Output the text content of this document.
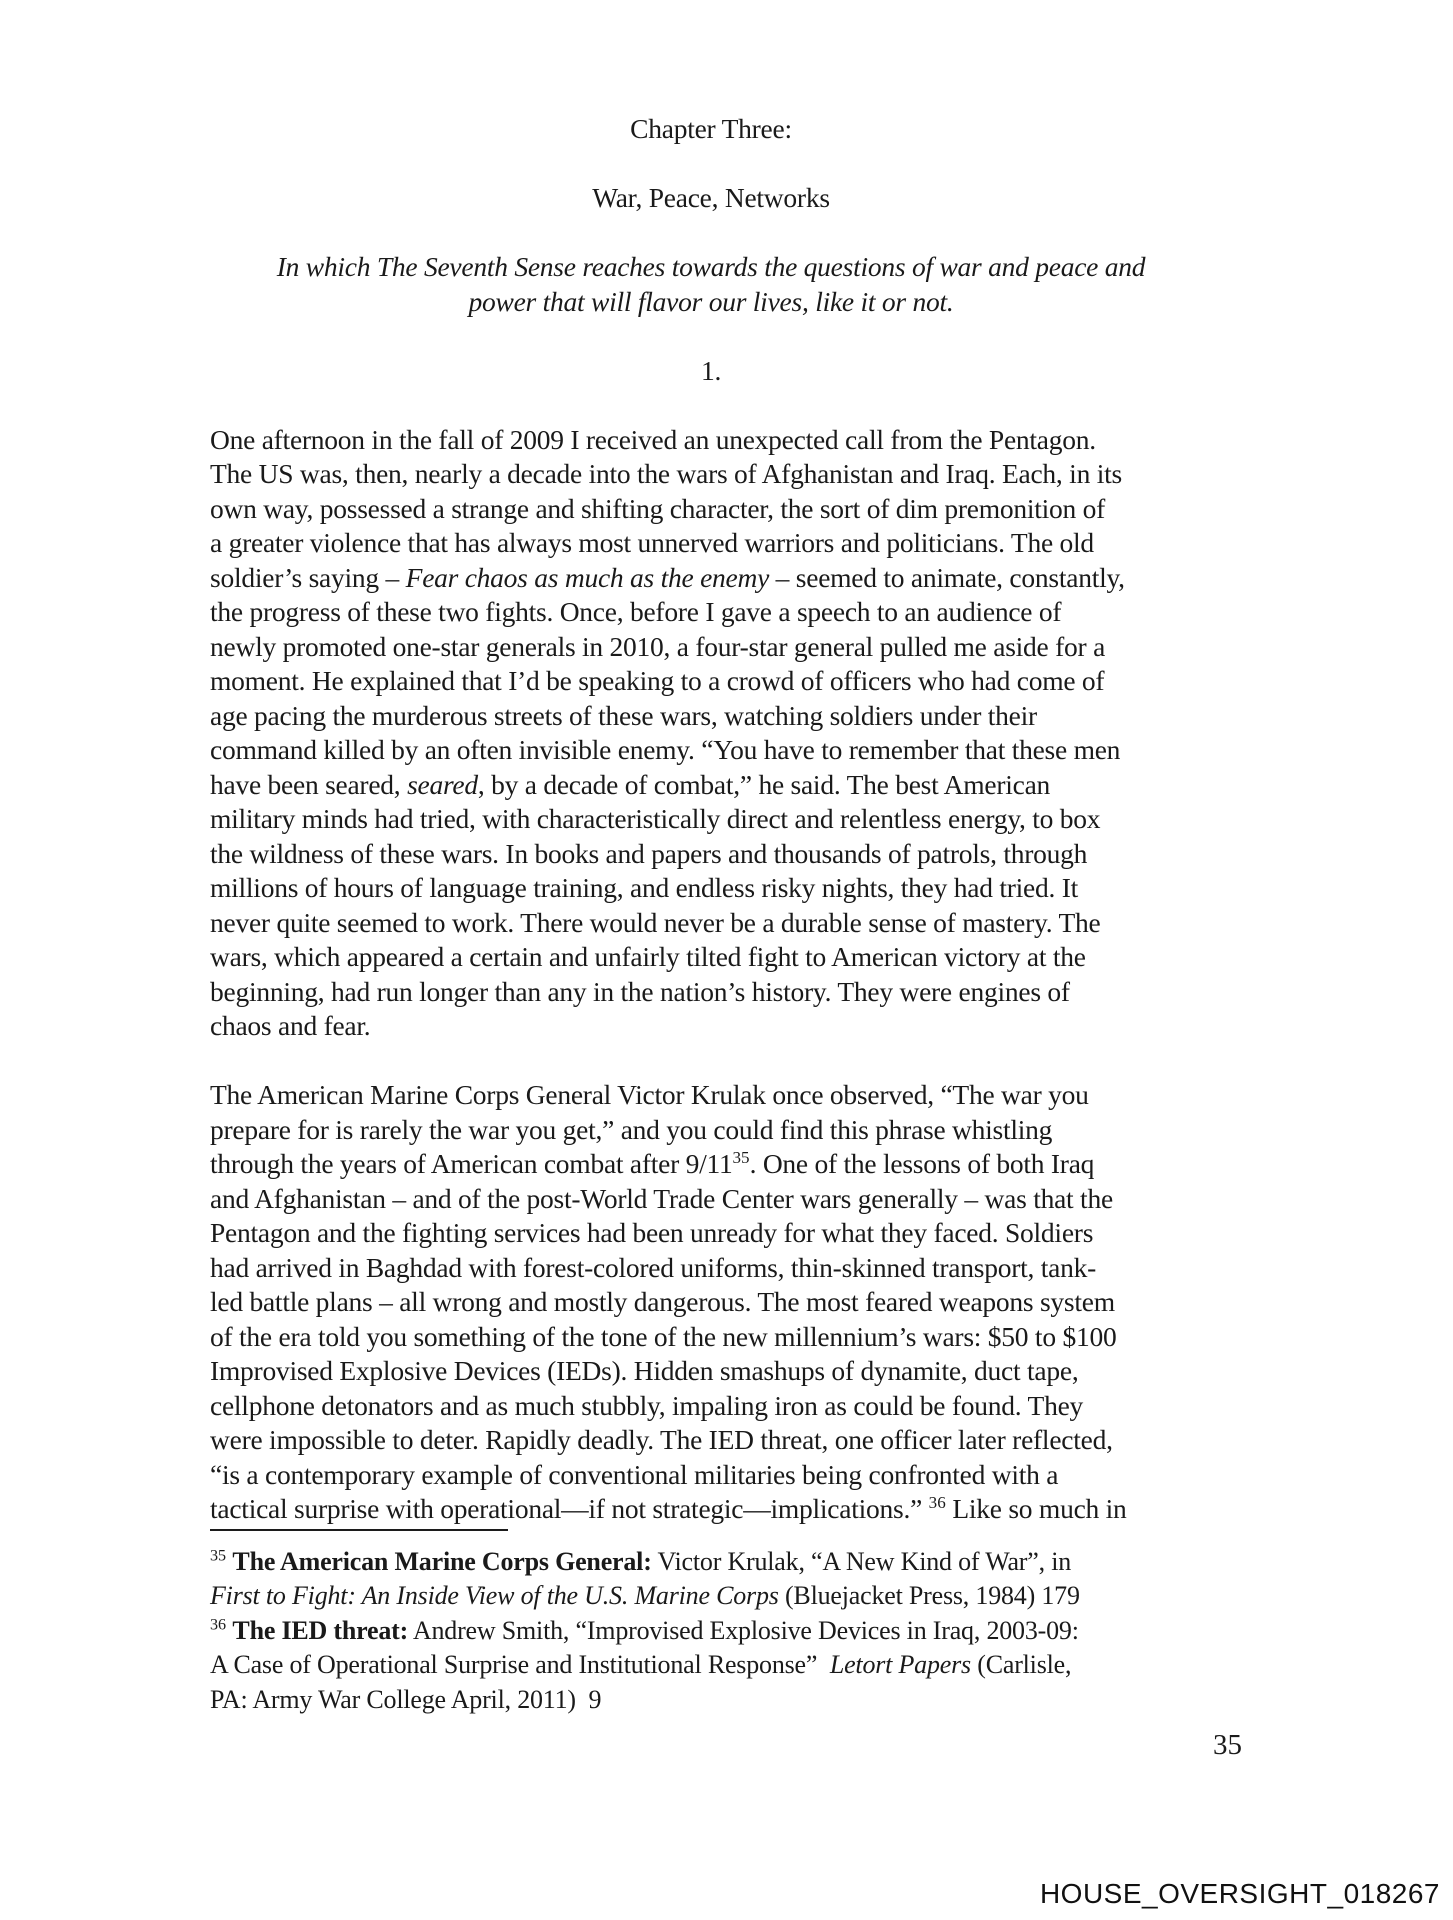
Chapter Three:
War, Peace, Networks
In which The Seventh Sense reaches towards the questions of war and peace and
power that will flavor our lives, like it or not.
1.
One afternoon in the fall of 2009 I received an unexpected call from the Pentagon.
The US was, then, nearly a decade into the wars of Afghanistan and Iraq. Each, in its
own way, possessed a strange and shifting character, the sort of dim premonition of
a greater violence that has always most unnerved warriors and politicians. The old
soldier’s saying – Fear chaos as much as the enemy – seemed to animate, constantly,
the progress of these two fights. Once, before I gave a speech to an audience of
newly promoted one-star generals in 2010, a four-star general pulled me aside for a
moment. He explained that I’d be speaking to a crowd of officers who had come of
age pacing the murderous streets of these wars, watching soldiers under their
command killed by an often invisible enemy. “You have to remember that these men
have been seared, seared, by a decade of combat,” he said. The best American
military minds had tried, with characteristically direct and relentless energy, to box
the wildness of these wars. In books and papers and thousands of patrols, through
millions of hours of language training, and endless risky nights, they had tried. It
never quite seemed to work. There would never be a durable sense of mastery. The
wars, which appeared a certain and unfairly tilted fight to American victory at the
beginning, had run longer than any in the nation’s history. They were engines of
chaos and fear.
The American Marine Corps General Victor Krulak once observed, “The war you
prepare for is rarely the war you get,” and you could find this phrase whistling
through the years of American combat after $9/11^{35}$. One of the lessons of both Iraq
and Afghanistan – and of the post-World Trade Center wars generally – was that the
Pentagon and the fighting services had been unready for what they faced. Soldiers
had arrived in Baghdad with forest-colored uniforms, thin-skinned transport, tank-
led battle plans – all wrong and mostly dangerous. The most feared weapons system
of the era told you something of the tone of the new millennium’s wars: $50 to $100
Improvised Explosive Devices (IEDs). Hidden smashups of dynamite, duct tape,
cellphone detonators and as much stubbly, impaling iron as could be found. They
were impossible to deter. Rapidly deadly. The IED threat, one officer later reflected,
“is a contemporary example of conventional militaries being confronted with a
tactical surprise with operational—if not strategic—implications.” $^{36}$ Like so much in
$^{35}$ The American Marine Corps General: Victor Krulak, “A New Kind of War”, in
First to Fight: An Inside View of the U.S. Marine Corps (Bluejacket Press, 1984) 179
$^{36}$ The IED threat: Andrew Smith, “Improvised Explosive Devices in Iraq, 2003-09:
A Case of Operational Surprise and Institutional Response”  Letort Papers (Carlisle,
PA: Army War College April, 2011)  9
35
HOUSE_OVERSIGHT_018267
